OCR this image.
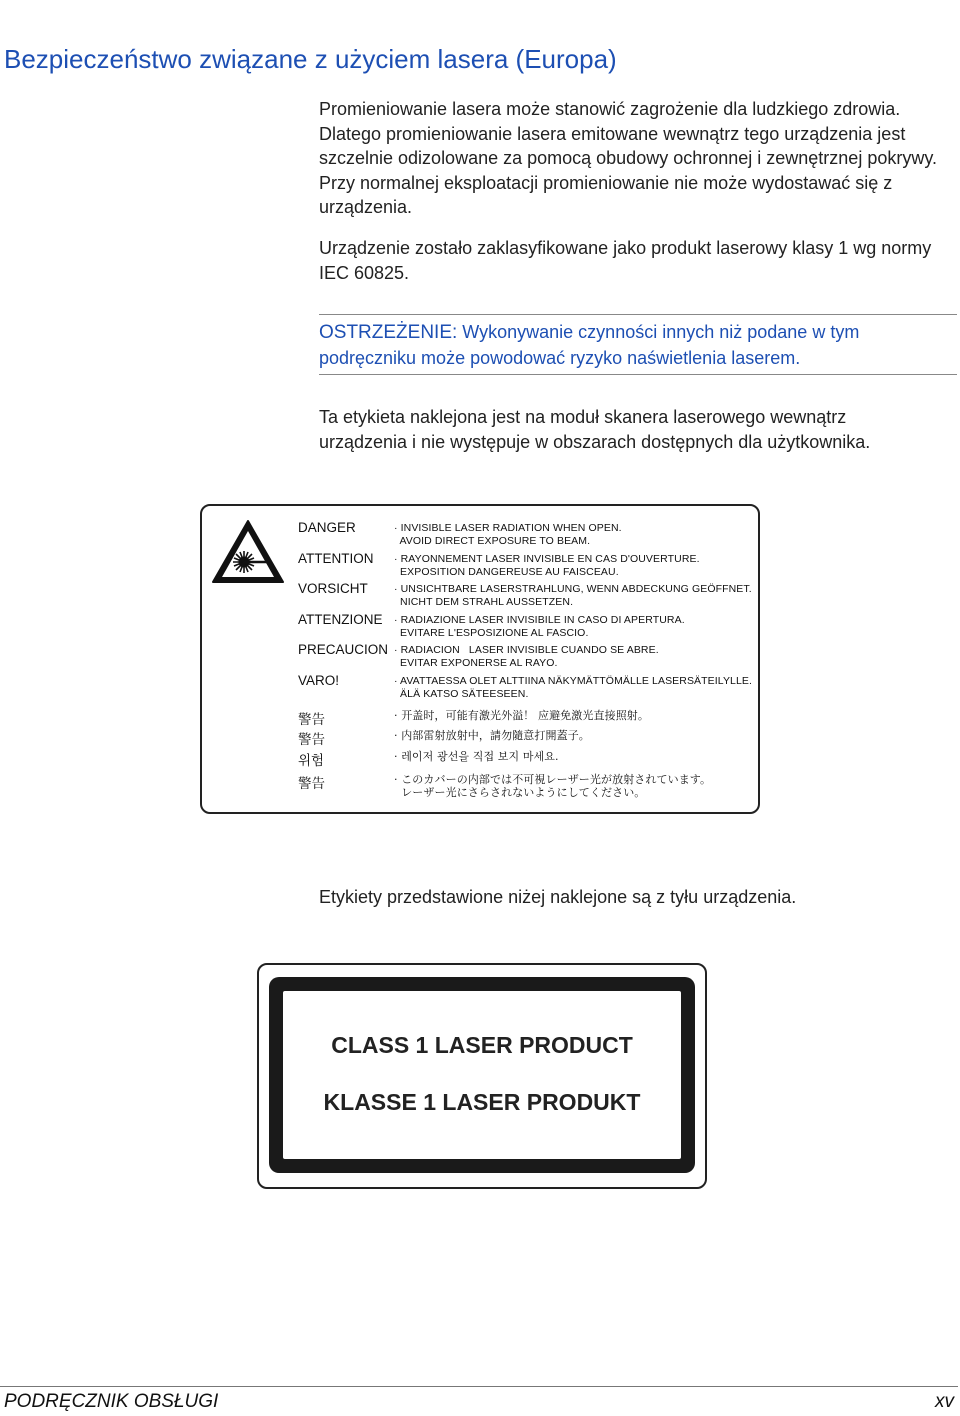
Bezpieczeństwo związane z użyciem lasera (Europa)

Promieniowanie lasera może stanowić zagrożenie dla ludzkiego zdrowia. Dlatego promieniowanie lasera emitowane wewnątrz tego urządzenia jest szczelnie odizolowane za pomocą obudowy ochronnej i zewnętrznej pokrywy. Przy normalnej eksploatacji promieniowanie nie może wydostawać się z urządzenia.

Urządzenie zostało zaklasyfikowane jako produkt laserowy klasy 1 wg normy IEC 60825.

OSTRZEŻENIE: Wykonywanie czynności innych niż podane w tym podręczniku może powodować ryzyko naświetlenia laserem.

Ta etykieta naklejona jest na moduł skanera laserowego wewnątrz urządzenia i nie występuje w obszarach dostępnych dla użytkownika.

DANGER	· INVISIBLE LASER RADIATION WHEN OPEN.
AVOID DIRECT EXPOSURE TO BEAM.
ATTENTION · RAYONNEMENT LASER INVISIBLE EN CAS D'OUVERTURE.
EXPOSITION DANGEREUSE AU FAISCEAU.
VORSICHT · UNSICHTBARE LASERSTRAHLUNG, WENN ABDECKUNG GEÖFFNET.
NICHT DEM STRAHL AUSSETZEN.
ATTENZIONE · RADIAZIONE LASER INVISIBILE IN CASO DI APERTURA.
EVITARE L'ESPOSIZIONE AL FASCIO.
PRECAUCION · RADIACION   LASER INVISIBLE CUANDO SE ABRE.
EVITAR EXPONERSE AL RAYO.
VARO!	· AVATTAESSA OLET ALTTIINA NÄKYMÄTTÖMÄLLE LASERSÄTEILYLLE.
ÄLÄ KATSO SÄTEESEEN.
警告	· 开盖时，可能有激光外溢！ 应避免激光直接照射。
警告	· 内部雷射放射中，請勿隨意打開蓋子。
위험	· 레이저 광선을 직접 보지 마세요.
警告	· このカバーの内部では不可視レーザー光が放射されています。
レーザー光にさらされないようにしてください。

Etykiety przedstawione niżej naklejone są z tyłu urządzenia.

CLASS 1 LASER PRODUCT
KLASSE 1 LASER PRODUKT
PODRĘCZNIK OBSŁUGI	xv
